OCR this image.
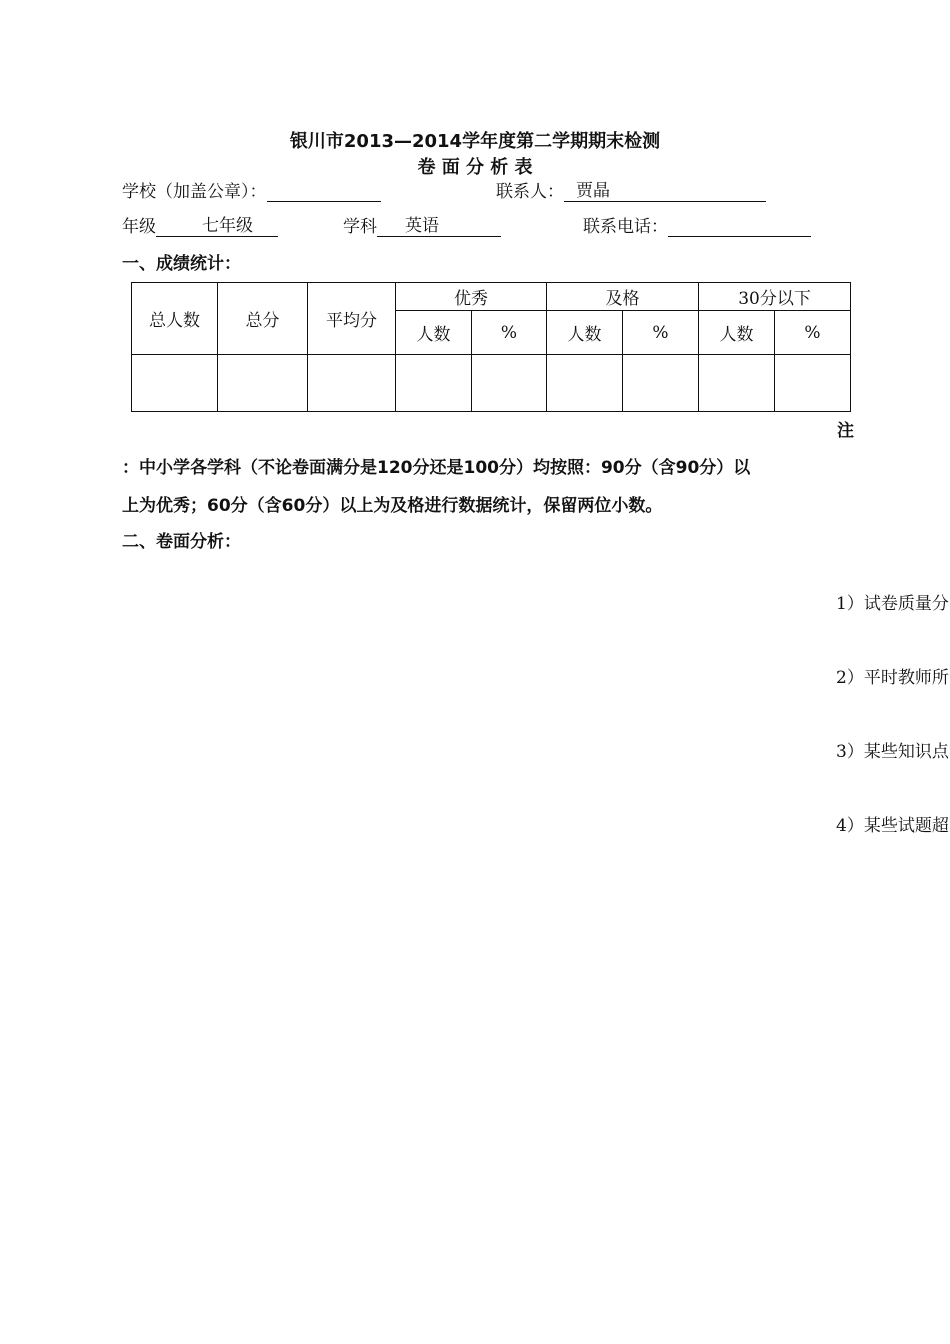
银川市2013—2014学年度第二学期期末检测
卷 面 分 析 表
学校（加盖公章）：	联系人： 贾晶
年级	七年级	学科 英语	联系电话：
一、成绩统计：
总人数	总分	平均分	优秀		及格		30分以下	
			人数	%	人数	%	人数	%

注
：中小学各学科（不论卷面满分是120分还是100分）均按照：90分（含90分）以
上为优秀；60分（含60分）以上为及格进行数据统计，保留两位小数。
二、卷面分析：
1）试卷质量分
2）平时教师所
3）某些知识点
4）某些试题超
